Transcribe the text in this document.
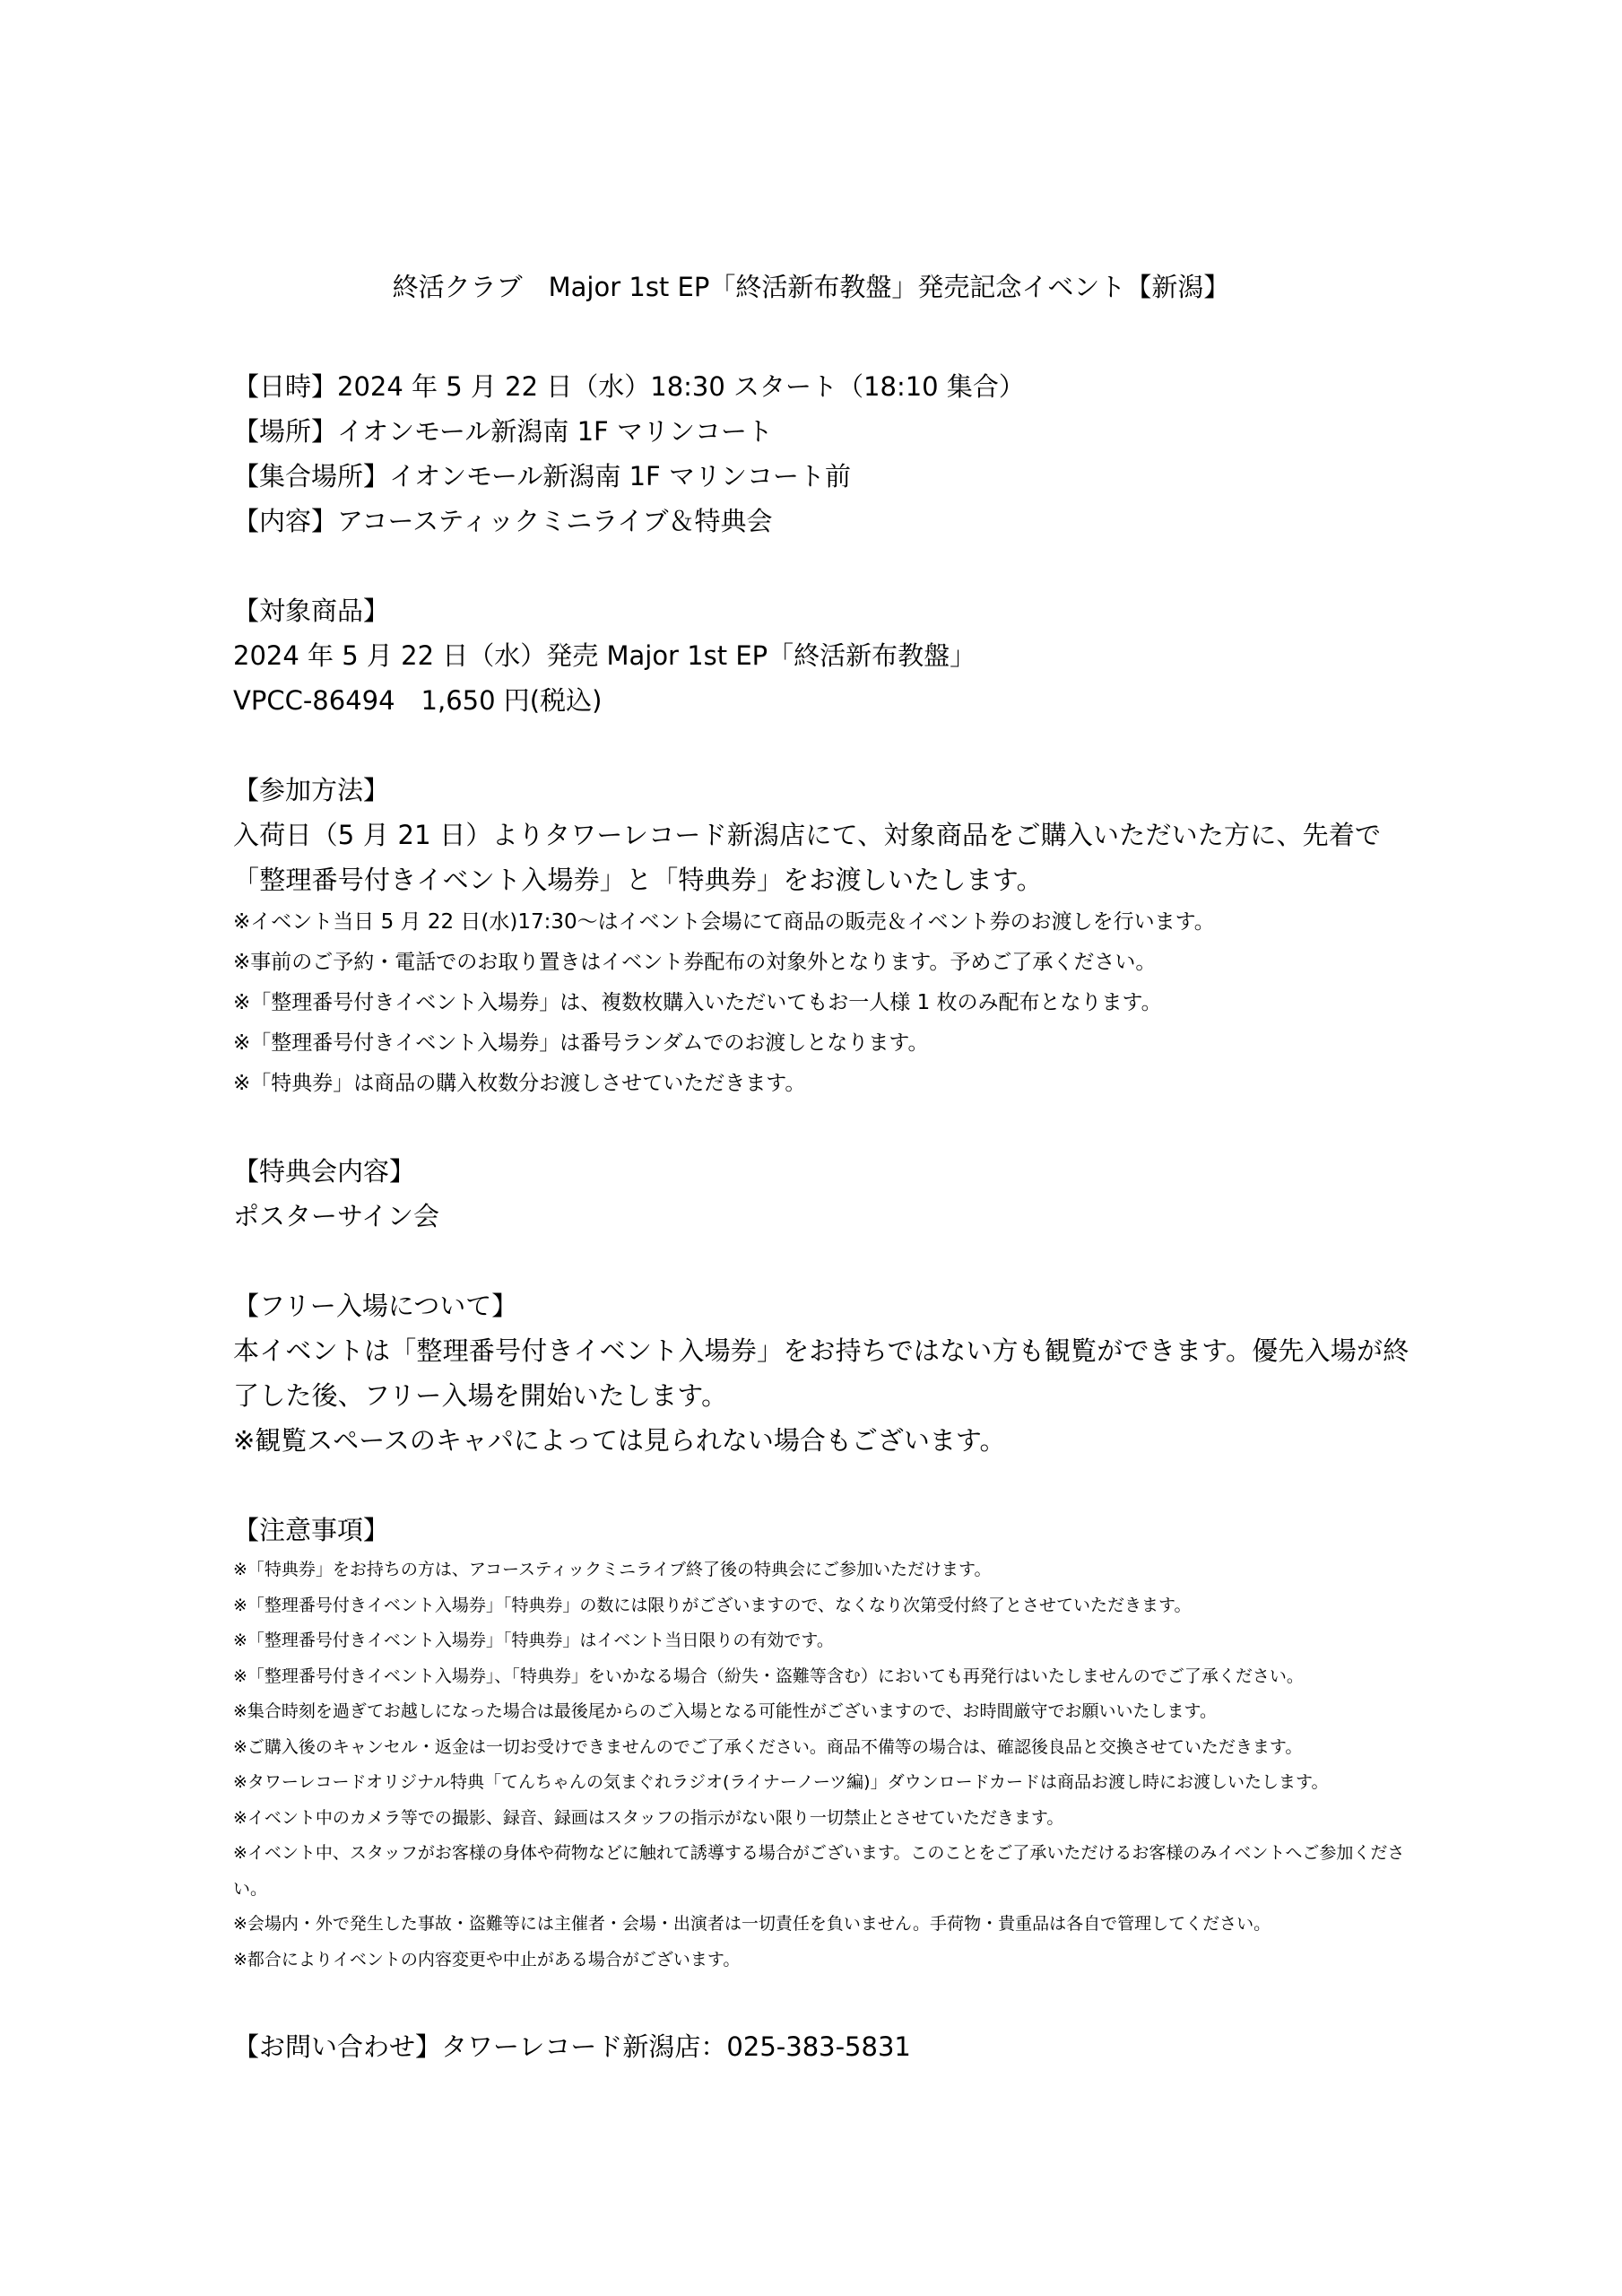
終活クラブ　Major 1st EP「終活新布教盤」発売記念イベント【新潟】
【日時】2024 年 5 月 22 日（水）18:30 スタート（18:10 集合）
【場所】イオンモール新潟南 1F マリンコート
【集合場所】イオンモール新潟南 1F マリンコート前
【内容】アコースティックミニライブ＆特典会
【対象商品】
2024 年 5 月 22 日（水）発売 Major 1st EP「終活新布教盤」
VPCC-86494　1,650 円(税込)
【参加方法】
入荷日（5 月 21 日）よりタワーレコード新潟店にて、対象商品をご購入いただいた方に、先着で「整理番号付きイベント入場券」と「特典券」をお渡しいたします。
※イベント当日 5 月 22 日(水)17:30～はイベント会場にて商品の販売＆イベント券のお渡しを行います。
※事前のご予約・電話でのお取り置きはイベント券配布の対象外となります。予めご了承ください。
※「整理番号付きイベント入場券」は、複数枚購入いただいてもお一人様 1 枚のみ配布となります。
※「整理番号付きイベント入場券」は番号ランダムでのお渡しとなります。
※「特典券」は商品の購入枚数分お渡しさせていただきます。
【特典会内容】
ポスターサイン会
【フリー入場について】
本イベントは「整理番号付きイベント入場券」をお持ちではない方も観覧ができます。優先入場が終了した後、フリー入場を開始いたします。
※観覧スペースのキャパによっては見られない場合もございます。
【注意事項】
※「特典券」をお持ちの方は、アコースティックミニライブ終了後の特典会にご参加いただけます。
※「整理番号付きイベント入場券」「特典券」の数には限りがございますので、なくなり次第受付終了とさせていただきます。
※「整理番号付きイベント入場券」「特典券」はイベント当日限りの有効です。
※「整理番号付きイベント入場券」、「特典券」をいかなる場合（紛失・盗難等含む）においても再発行はいたしませんのでご了承ください。
※集合時刻を過ぎてお越しになった場合は最後尾からのご入場となる可能性がございますので、お時間厳守でお願いいたします。
※ご購入後のキャンセル・返金は一切お受けできませんのでご了承ください。商品不備等の場合は、確認後良品と交換させていただきます。
※タワーレコードオリジナル特典「てんちゃんの気まぐれラジオ(ライナーノーツ編)」ダウンロードカードは商品お渡し時にお渡しいたします。
※イベント中のカメラ等での撮影、録音、録画はスタッフの指示がない限り一切禁止とさせていただきます。
※イベント中、スタッフがお客様の身体や荷物などに触れて誘導する場合がございます。このことをご了承いただけるお客様のみイベントへご参加ください。
※会場内・外で発生した事故・盗難等には主催者・会場・出演者は一切責任を負いません。手荷物・貴重品は各自で管理してください。
※都合によりイベントの内容変更や中止がある場合がございます。
【お問い合わせ】タワーレコード新潟店：025-383-5831
